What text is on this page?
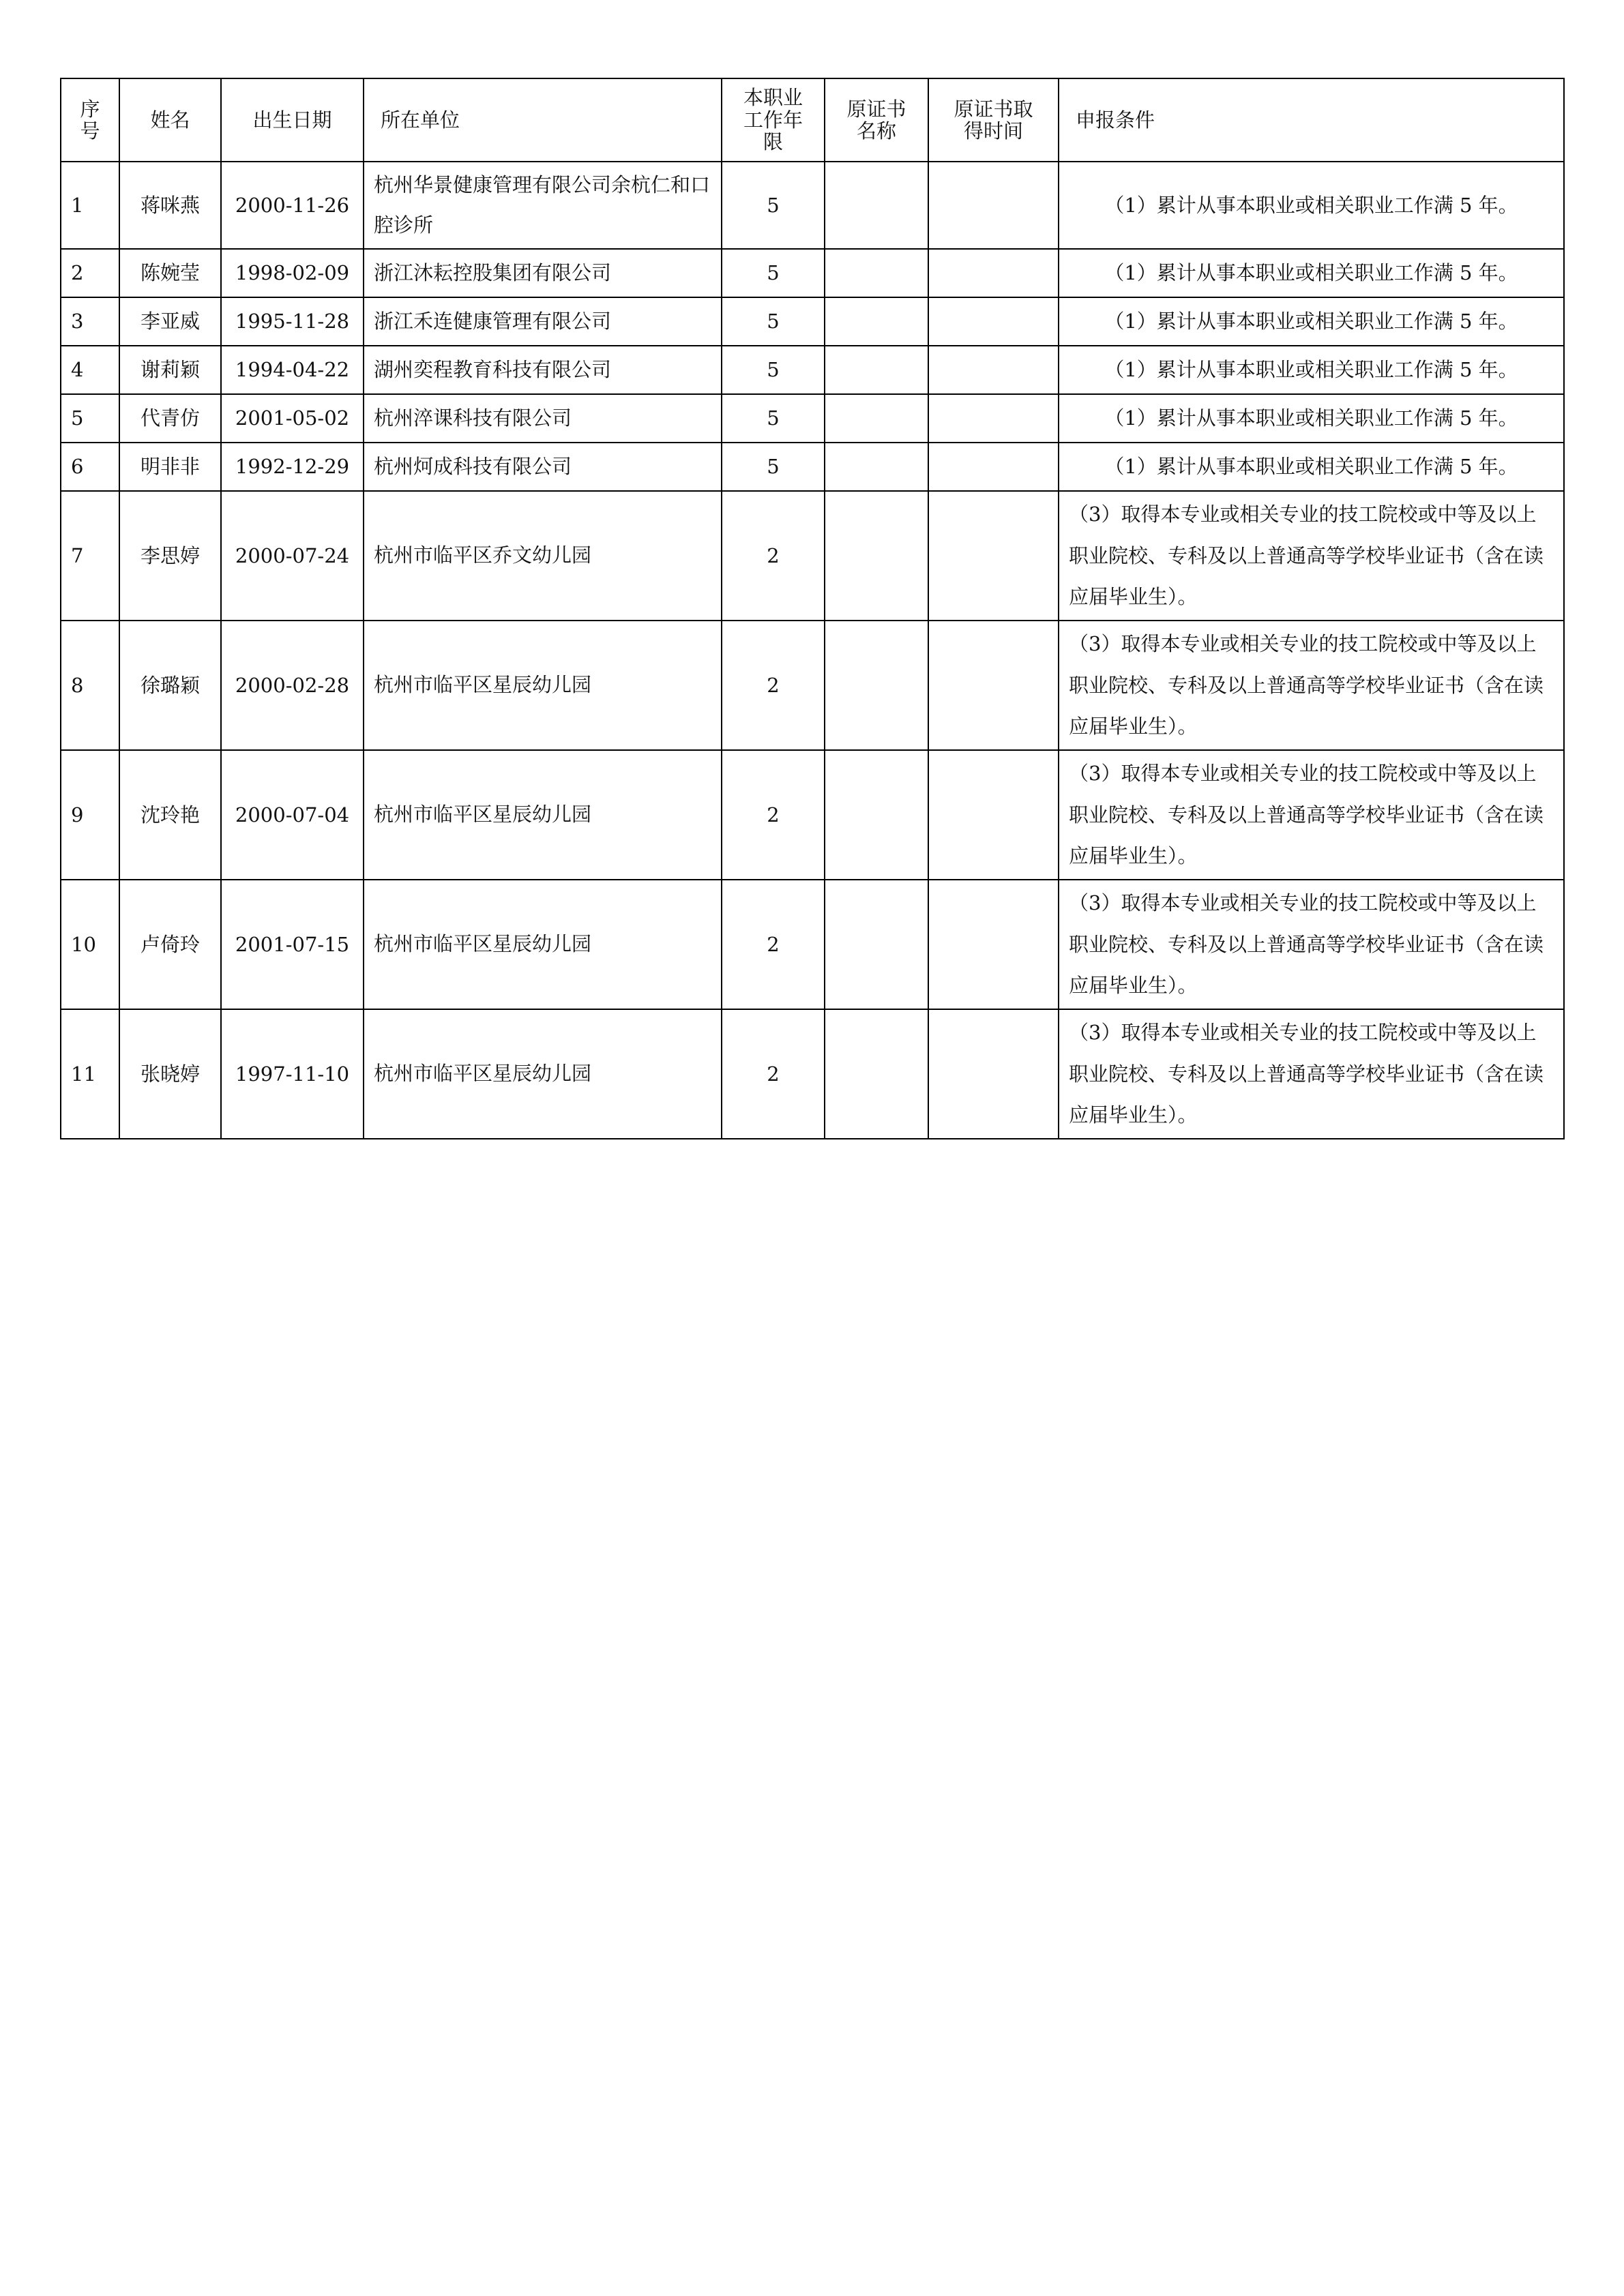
序号	姓名	出生日期	所在单位	本职业工作年限	原证书名称	原证书取得时间	申报条件
1	蒋咪燕	2000-11-26	杭州华景健康管理有限公司余杭仁和口腔诊所	5			（1）累计从事本职业或相关职业工作满 5 年。
2	陈婉莹	1998-02-09	浙江沐耘控股集团有限公司	5			（1）累计从事本职业或相关职业工作满 5 年。
3	李亚威	1995-11-28	浙江禾连健康管理有限公司	5			（1）累计从事本职业或相关职业工作满 5 年。
4	谢莉颖	1994-04-22	湖州奕程教育科技有限公司	5			（1）累计从事本职业或相关职业工作满 5 年。
5	代青仿	2001-05-02	杭州淬课科技有限公司	5			（1）累计从事本职业或相关职业工作满 5 年。
6	明非非	1992-12-29	杭州炣成科技有限公司	5			（1）累计从事本职业或相关职业工作满 5 年。
7	李思婷	2000-07-24	杭州市临平区乔文幼儿园	2			（3）取得本专业或相关专业的技工院校或中等及以上职业院校、专科及以上普通高等学校毕业证书（含在读应届毕业生）。
8	徐璐颖	2000-02-28	杭州市临平区星辰幼儿园	2			（3）取得本专业或相关专业的技工院校或中等及以上职业院校、专科及以上普通高等学校毕业证书（含在读应届毕业生）。
9	沈玲艳	2000-07-04	杭州市临平区星辰幼儿园	2			（3）取得本专业或相关专业的技工院校或中等及以上职业院校、专科及以上普通高等学校毕业证书（含在读应届毕业生）。
10	卢倚玲	2001-07-15	杭州市临平区星辰幼儿园	2			（3）取得本专业或相关专业的技工院校或中等及以上职业院校、专科及以上普通高等学校毕业证书（含在读应届毕业生）。
11	张晓婷	1997-11-10	杭州市临平区星辰幼儿园	2			（3）取得本专业或相关专业的技工院校或中等及以上职业院校、专科及以上普通高等学校毕业证书（含在读应届毕业生）。
